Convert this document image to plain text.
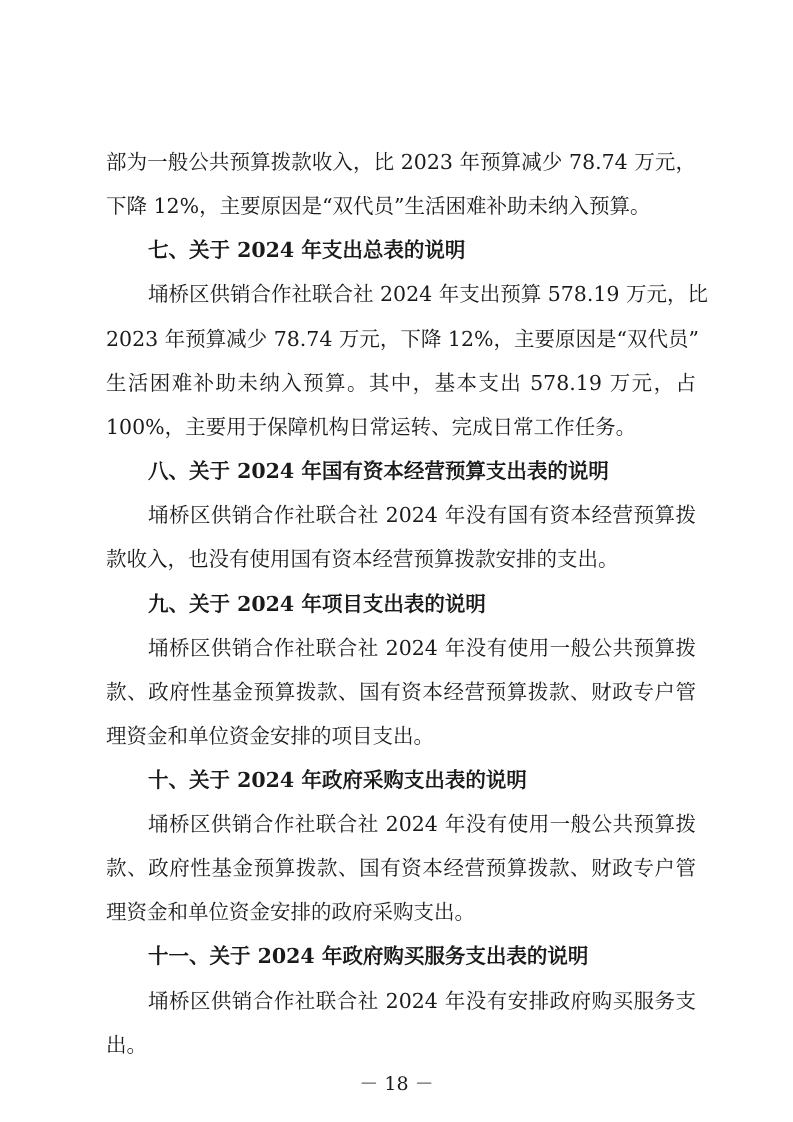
部为一般公共预算拨款收入，比 2023 年预算减少 78.74 万元，
下降 12%，主要原因是“双代员”生活困难补助未纳入预算。
七、关于 2024 年支出总表的说明
埇桥区供销合作社联合社 2024 年支出预算 578.19 万元，比
2023 年预算减少 78.74 万元，下降 12%，主要原因是“双代员”
生活困难补助未纳入预算。其中，基本支出 578.19 万元，占
100%，主要用于保障机构日常运转、完成日常工作任务。
八、关于 2024 年国有资本经营预算支出表的说明
埇桥区供销合作社联合社 2024 年没有国有资本经营预算拨
款收入，也没有使用国有资本经营预算拨款安排的支出。
九、关于 2024 年项目支出表的说明
埇桥区供销合作社联合社 2024 年没有使用一般公共预算拨
款、政府性基金预算拨款、国有资本经营预算拨款、财政专户管
理资金和单位资金安排的项目支出。
十、关于 2024 年政府采购支出表的说明
埇桥区供销合作社联合社 2024 年没有使用一般公共预算拨
款、政府性基金预算拨款、国有资本经营预算拨款、财政专户管
理资金和单位资金安排的政府采购支出。
十一、关于 2024 年政府购买服务支出表的说明
埇桥区供销合作社联合社 2024 年没有安排政府购买服务支
出。
－ 18 －
